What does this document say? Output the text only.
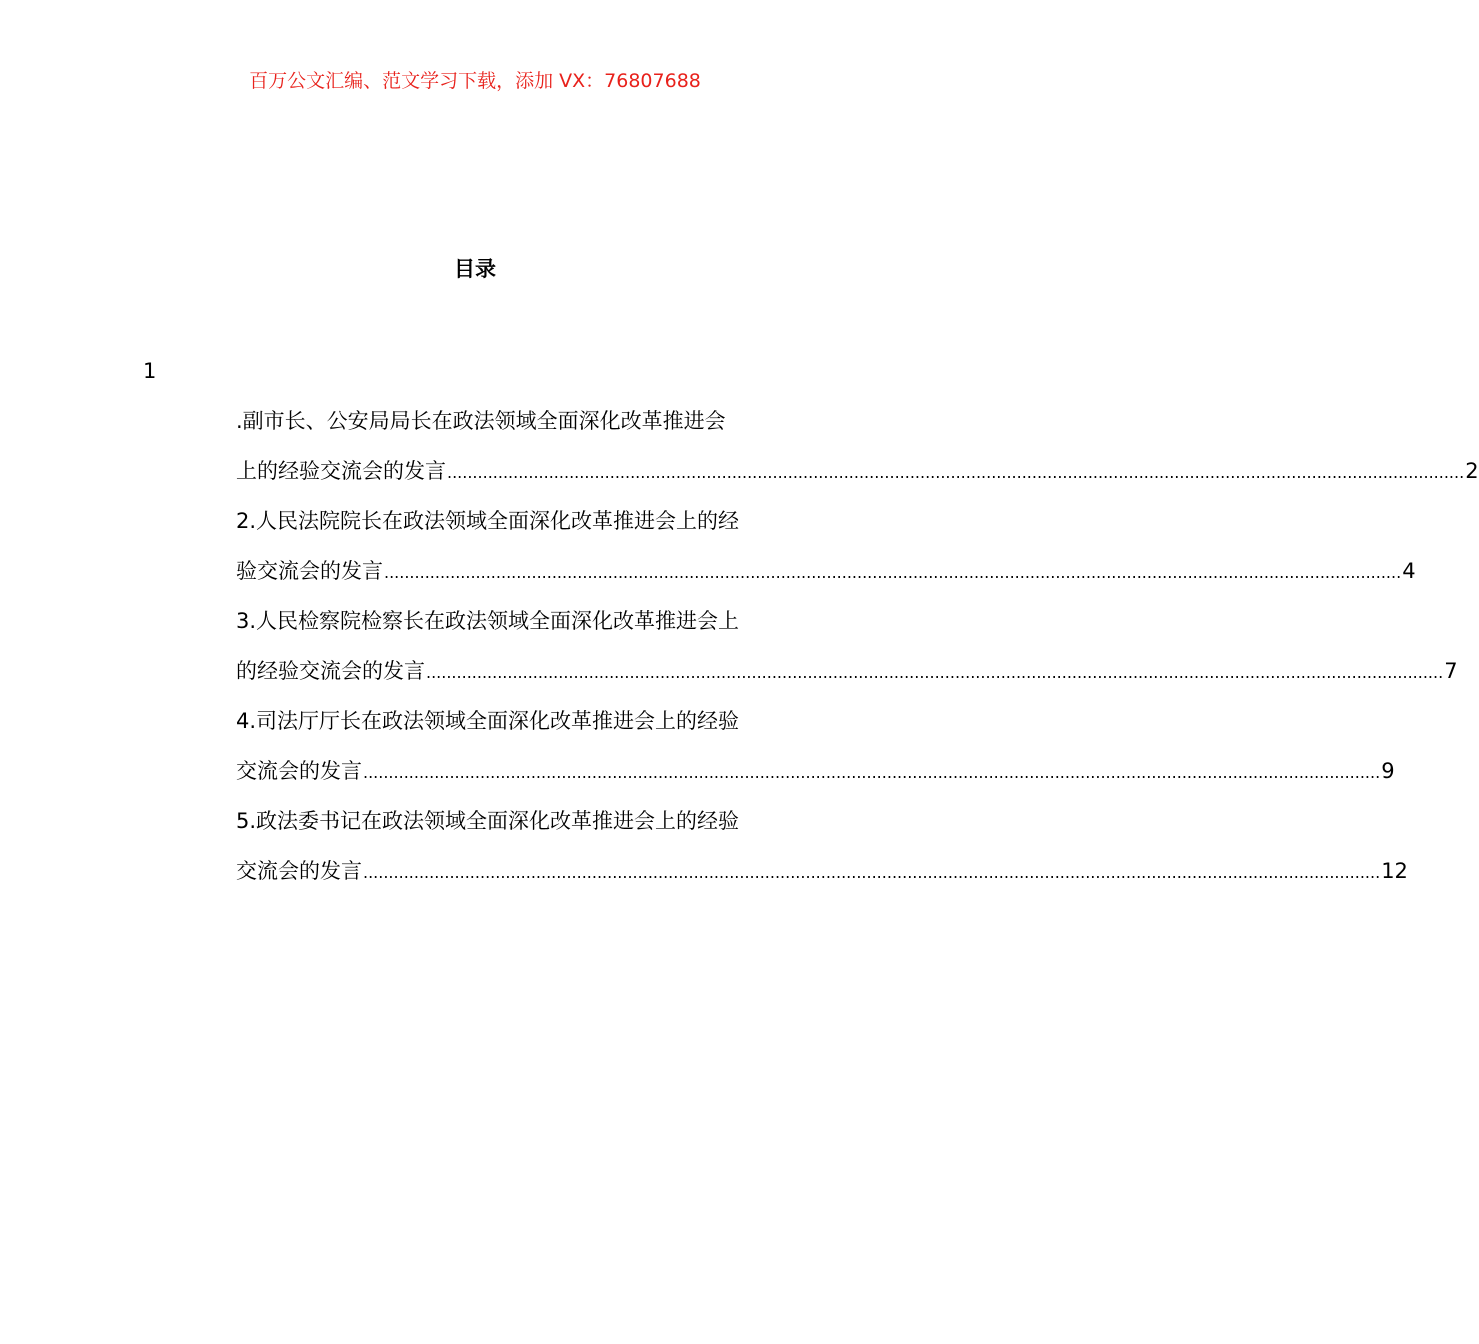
百万公文汇编、范文学习下载，添加 VX：76807688
目录
1
.副市长、公安局局长在政法领域全面深化改革推进会
上的经验交流会的发言 ........................................................................................................................................................................................................ 2
2.人民法院院长在政法领域全面深化改革推进会上的经
验交流会的发言 ........................................................................................................................................................................................................ 4
3.人民检察院检察长在政法领域全面深化改革推进会上
的经验交流会的发言 ........................................................................................................................................................................................................ 7
4.司法厅厅长在政法领域全面深化改革推进会上的经验
交流会的发言 ........................................................................................................................................................................................................ 9
5.政法委书记在政法领域全面深化改革推进会上的经验
交流会的发言 ........................................................................................................................................................................................................ 12
